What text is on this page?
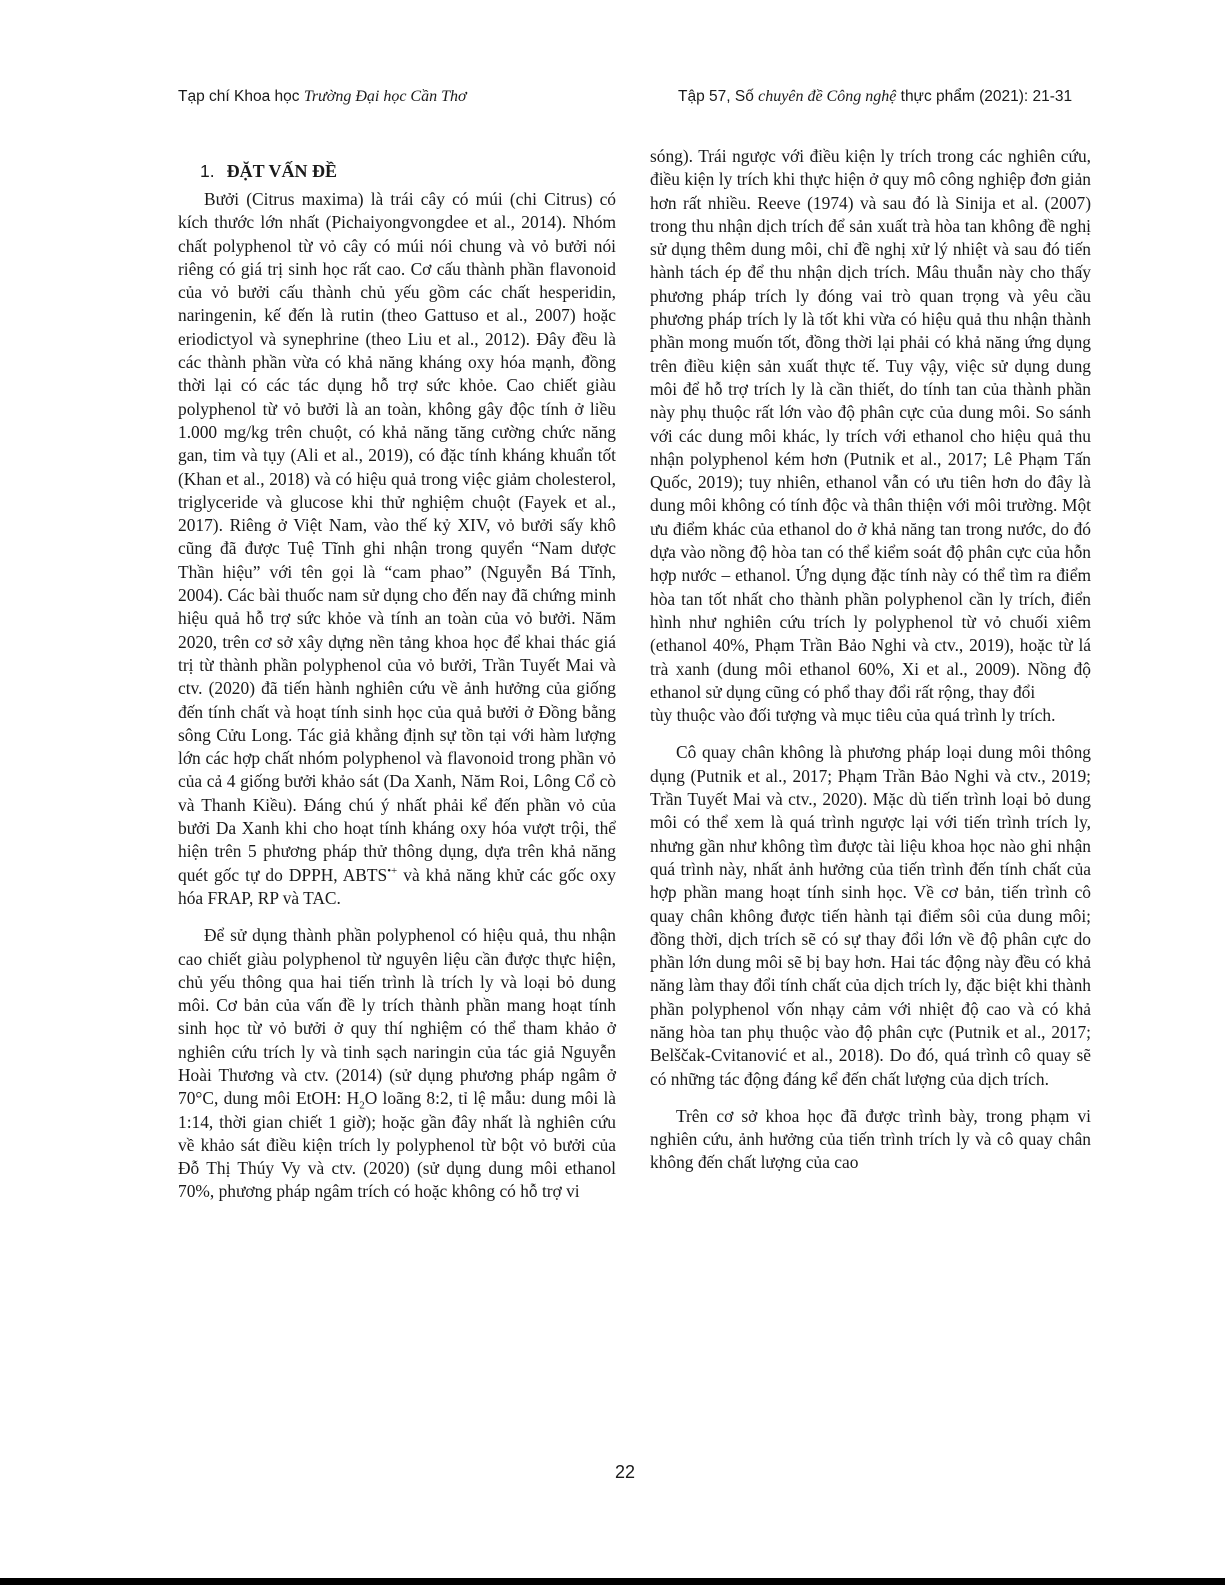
Tạp chí Khoa học Trường Đại học Cần Thơ	Tập 57, Số chuyên đề Công nghệ thực phẩm (2021): 21-31
1. ĐẶT VẤN ĐỀ

Bưởi (Citrus maxima) là trái cây có múi (chi Citrus) có kích thước lớn nhất (Pichaiyongvongdee et al., 2014). Nhóm chất polyphenol từ vỏ cây có múi nói chung và vỏ bưởi nói riêng có giá trị sinh học rất cao. Cơ cấu thành phần flavonoid của vỏ bưởi cấu thành chủ yếu gồm các chất hesperidin, naringenin, kế đến là rutin (theo Gattuso et al., 2007) hoặc eriodictyol và synephrine (theo Liu et al., 2012). Đây đều là các thành phần vừa có khả năng kháng oxy hóa mạnh, đồng thời lại có các tác dụng hỗ trợ sức khỏe. Cao chiết giàu polyphenol từ vỏ bưởi là an toàn, không gây độc tính ở liều 1.000 mg/kg trên chuột, có khả năng tăng cường chức năng gan, tim và tụy (Ali et al., 2019), có đặc tính kháng khuẩn tốt (Khan et al., 2018) và có hiệu quả trong việc giảm cholesterol, triglyceride và glucose khi thử nghiệm chuột (Fayek et al., 2017). Riêng ở Việt Nam, vào thế kỷ XIV, vỏ bưởi sấy khô cũng đã được Tuệ Tĩnh ghi nhận trong quyển “Nam dược Thần hiệu” với tên gọi là “cam phao” (Nguyễn Bá Tĩnh, 2004). Các bài thuốc nam sử dụng cho đến nay đã chứng minh hiệu quả hỗ trợ sức khỏe và tính an toàn của vỏ bưởi. Năm 2020, trên cơ sở xây dựng nền tảng khoa học để khai thác giá trị từ thành phần polyphenol của vỏ bưởi, Trần Tuyết Mai và ctv. (2020) đã tiến hành nghiên cứu về ảnh hưởng của giống đến tính chất và hoạt tính sinh học của quả bưởi ở Đồng bằng sông Cửu Long. Tác giả khẳng định sự tồn tại với hàm lượng lớn các hợp chất nhóm polyphenol và flavonoid trong phần vỏ của cả 4 giống bưởi khảo sát (Da Xanh, Năm Roi, Lông Cổ cò và Thanh Kiều). Đáng chú ý nhất phải kể đến phần vỏ của bưởi Da Xanh khi cho hoạt tính kháng oxy hóa vượt trội, thể hiện trên 5 phương pháp thử thông dụng, dựa trên khả năng quét gốc tự do DPPH, ABTS•+ và khả năng khử các gốc oxy hóa FRAP, RP và TAC.

Để sử dụng thành phần polyphenol có hiệu quả, thu nhận cao chiết giàu polyphenol từ nguyên liệu cần được thực hiện, chủ yếu thông qua hai tiến trình là trích ly và loại bỏ dung môi. Cơ bản của vấn đề ly trích thành phần mang hoạt tính sinh học từ vỏ bưởi ở quy thí nghiệm có thể tham khảo ở nghiên cứu trích ly và tinh sạch naringin của tác giả Nguyễn Hoài Thương và ctv. (2014) (sử dụng phương pháp ngâm ở 70°C, dung môi EtOH: $H_2O$ loãng 8:2, tỉ lệ mẫu: dung môi là 1:14, thời gian chiết 1 giờ); hoặc gần đây nhất là nghiên cứu về khảo sát điều kiện trích ly polyphenol từ bột vỏ bưởi của Đỗ Thị Thúy Vy và ctv. (2020) (sử dụng dung môi ethanol 70%, phương pháp ngâm trích có hoặc không có hỗ trợ vi

sóng). Trái ngược với điều kiện ly trích trong các nghiên cứu, điều kiện ly trích khi thực hiện ở quy mô công nghiệp đơn giản hơn rất nhiều. Reeve (1974) và sau đó là Sinija et al. (2007) trong thu nhận dịch trích để sản xuất trà hòa tan không đề nghị sử dụng thêm dung môi, chỉ đề nghị xử lý nhiệt và sau đó tiến hành tách ép để thu nhận dịch trích. Mâu thuẫn này cho thấy phương pháp trích ly đóng vai trò quan trọng và yêu cầu phương pháp trích ly là tốt khi vừa có hiệu quả thu nhận thành phần mong muốn tốt, đồng thời lại phải có khả năng ứng dụng trên điều kiện sản xuất thực tế. Tuy vậy, việc sử dụng dung môi để hỗ trợ trích ly là cần thiết, do tính tan của thành phần này phụ thuộc rất lớn vào độ phân cực của dung môi. So sánh với các dung môi khác, ly trích với ethanol cho hiệu quả thu nhận polyphenol kém hơn (Putnik et al., 2017; Lê Phạm Tấn Quốc, 2019); tuy nhiên, ethanol vẫn có ưu tiên hơn do đây là dung môi không có tính độc và thân thiện với môi trường. Một ưu điểm khác của ethanol do ở khả năng tan trong nước, do đó dựa vào nồng độ hòa tan có thể kiểm soát độ phân cực của hỗn hợp nước – ethanol. Ứng dụng đặc tính này có thể tìm ra điểm hòa tan tốt nhất cho thành phần polyphenol cần ly trích, điển hình như nghiên cứu trích ly polyphenol từ vỏ chuối xiêm (ethanol 40%, Phạm Trần Bảo Nghi và ctv., 2019), hoặc từ lá trà xanh (dung môi ethanol 60%, Xi et al., 2009). Nồng độ ethanol sử dụng cũng có phổ thay đổi rất rộng, thay đổi

tùy thuộc vào đối tượng và mục tiêu của quá trình ly trích.

Cô quay chân không là phương pháp loại dung môi thông dụng (Putnik et al., 2017; Phạm Trần Bảo Nghi và ctv., 2019; Trần Tuyết Mai và ctv., 2020). Mặc dù tiến trình loại bỏ dung môi có thể xem là quá trình ngược lại với tiến trình trích ly, nhưng gần như không tìm được tài liệu khoa học nào ghi nhận quá trình này, nhất ảnh hưởng của tiến trình đến tính chất của hợp phần mang hoạt tính sinh học. Về cơ bản, tiến trình cô quay chân không được tiến hành tại điểm sôi của dung môi; đồng thời, dịch trích sẽ có sự thay đổi lớn về độ phân cực do phần lớn dung môi sẽ bị bay hơn. Hai tác động này đều có khả năng làm thay đổi tính chất của dịch trích ly, đặc biệt khi thành phần polyphenol vốn nhạy cảm với nhiệt độ cao và có khả năng hòa tan phụ thuộc vào độ phân cực (Putnik et al., 2017; Belščak-Cvitanović et al., 2018). Do đó, quá trình cô quay sẽ có những tác động đáng kể đến chất lượng của dịch trích.

Trên cơ sở khoa học đã được trình bày, trong phạm vi nghiên cứu, ảnh hưởng của tiến trình trích ly và cô quay chân không đến chất lượng của cao

22
